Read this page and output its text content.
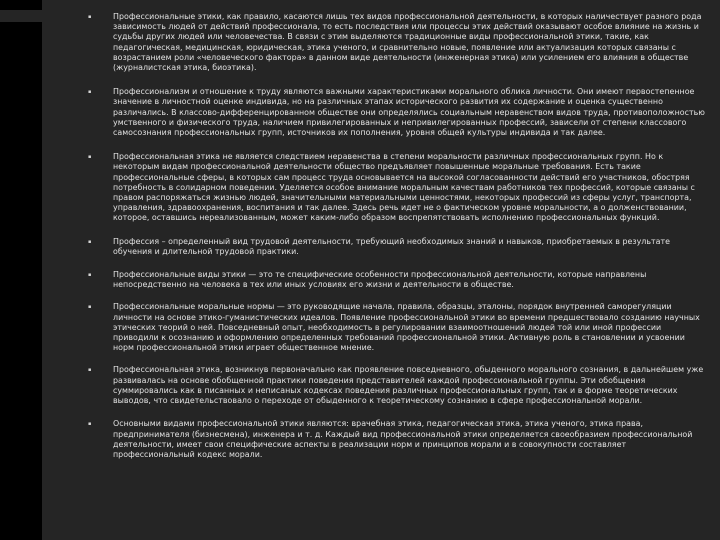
▪	Профессиональные этики, как правило, касаются лишь тех видов профессиональной деятельности, в которых наличествует разного рода зависимость людей от действий профессионала, то есть последствия или процессы этих действий оказывают особое влияние на жизнь и судьбы других людей или человечества. В связи с этим выделяются традиционные виды профессиональной этики, такие, как педагогическая, медицинская, юридическая, этика ученого, и сравнительно новые, появление или актуализация которых связаны с возрастанием роли «человеческого фактора» в данном виде деятельности (инженерная этика) или усилением его влияния в обществе (журналистская этика, биоэтика).
▪	Профессионализм и отношение к труду являются важными характеристиками морального облика личности. Они имеют первостепенное значение в личностной оценке индивида, но на различных этапах исторического развития их содержание и оценка существенно различались. В классово-дифференцированном обществе они определялись социальным неравенством видов труда, противоположностью умственного и физического труда, наличием привилегированных и непривилегированных профессий, зависели от степени классового самосознания профессиональных групп, источников их пополнения, уровня общей культуры индивида и так далее.
▪	Профессиональная этика не является следствием неравенства в степени моральности различных профессиональных групп. Но к некоторым видам профессиональной деятельности общество предъявляет повышенные моральные требования. Есть такие профессиональные сферы, в которых сам процесс труда основывается на высокой согласованности действий его участников, обостряя потребность в солидарном поведении. Уделяется особое внимание моральным качествам работников тех профессий, которые связаны с правом распоряжаться жизнью людей, значительными материальными ценностями, некоторых профессий из сферы услуг, транспорта, управления, здравоохранения, воспитания и так далее. Здесь речь идет не о фактическом уровне моральности, а о долженствовании, которое, оставшись нереализованным, может каким-либо образом воспрепятствовать исполнению профессиональных функций.
▪	Профессия – определенный вид трудовой деятельности, требующий необходимых знаний и навыков, приобретаемых в результате обучения и длительной трудовой практики.
▪	Профессиональные виды этики — это те специфические особенности профессиональной деятельности, которые направлены непосредственно на человека в тех или иных условиях его жизни и деятельности в обществе.
▪	Профессиональные моральные нормы — это руководящие начала, правила, образцы, эталоны, порядок внутренней саморегуляции личности на основе этико-гуманистических идеалов. Появление профессиональной этики во времени предшествовало созданию научных этических теорий о ней. Повседневный опыт, необходимость в регулировании взаимоотношений людей той или иной профессии приводили к осознанию и оформлению определенных требований профессиональной этики. Активную роль в становлении и усвоении норм профессиональной этики играет общественное мнение.
▪	Профессиональная этика, возникнув первоначально как проявление повседневного, обыденного морального сознания, в дальнейшем уже развивалась на основе обобщенной практики поведения представителей каждой профессиональной группы. Эти обобщения суммировались как в писанных и неписаных кодексах поведения различных профессиональных групп, так и в форме теоретических выводов, что свидетельствовало о переходе от обыденного к теоретическому сознанию в сфере профессиональной морали.
▪	Основными видами профессиональной этики являются: врачебная этика, педагогическая этика, этика ученого, этика права, предпринимателя (бизнесмена), инженера и т. д. Каждый вид профессиональной этики определяется своеобразием профессиональной деятельности, имеет свои специфические аспекты в реализации норм и принципов морали и в совокупности составляет профессиональный кодекс морали.
